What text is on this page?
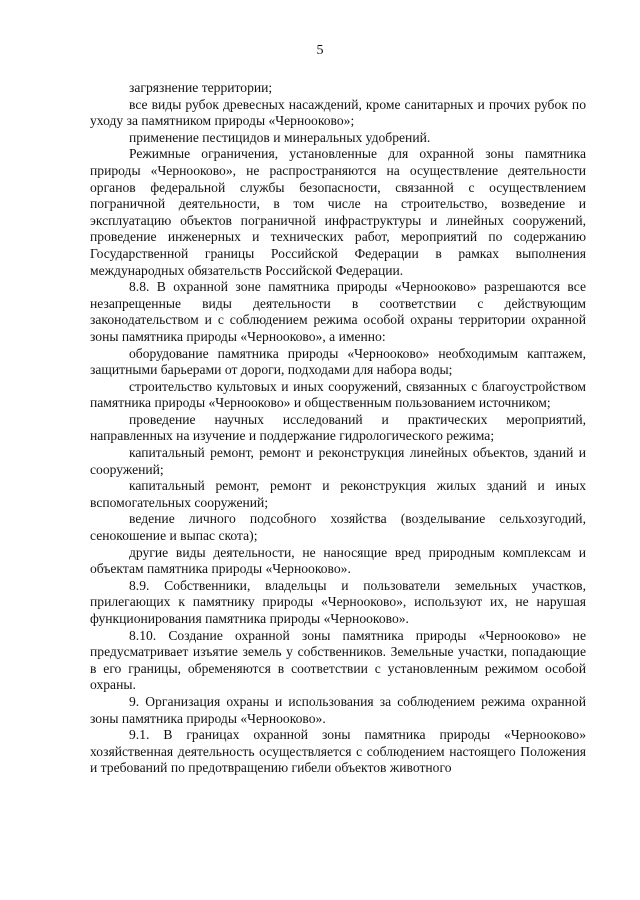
5

загрязнение территории;

все виды рубок древесных насаждений, кроме санитарных и прочих рубок по уходу за памятником природы «Чернооково»;

применение пестицидов и минеральных удобрений.

Режимные ограничения, установленные для охранной зоны памятника природы «Чернооково», не распространяются на осуществление деятельности органов федеральной службы безопасности, связанной с осуществлением пограничной деятельности, в том числе на строительство, возведение и эксплуатацию объектов пограничной инфраструктуры и линейных сооружений, проведение инженерных и технических работ, мероприятий по содержанию Государственной границы Российской Федерации в рамках выполнения международных обязательств Российской Федерации.

8.8. В охранной зоне памятника природы «Чернооково» разрешаются все незапрещенные виды деятельности в соответствии с действующим законодательством и с соблюдением режима особой охраны территории охранной зоны памятника природы «Чернооково», а именно:

оборудование памятника природы «Чернооково» необходимым каптажем, защитными барьерами от дороги, подходами для набора воды;

строительство культовых и иных сооружений, связанных с благоустройством памятника природы «Чернооково» и общественным пользованием источником;

проведение научных исследований и практических мероприятий, направленных на изучение и поддержание гидрологического режима;

капитальный ремонт, ремонт и реконструкция линейных объектов, зданий и сооружений;

капитальный ремонт, ремонт и реконструкция жилых зданий и иных вспомогательных сооружений;

ведение личного подсобного хозяйства (возделывание сельхозугодий, сенокошение и выпас скота);

другие виды деятельности, не наносящие вред природным комплексам и объектам памятника природы «Чернооково».

8.9. Собственники, владельцы и пользователи земельных участков, прилегающих к памятнику природы «Чернооково», используют их, не нарушая функционирования памятника природы «Чернооково».

8.10. Создание охранной зоны памятника природы «Чернооково» не предусматривает изъятие земель у собственников. Земельные участки, попадающие в его границы, обременяются в соответствии с установленным режимом особой охраны.

9. Организация охраны и использования за соблюдением режима охранной зоны памятника природы «Чернооково».

9.1. В границах охранной зоны памятника природы «Чернооково» хозяйственная деятельность осуществляется с соблюдением настоящего Положения и требований по предотвращению гибели объектов животного
